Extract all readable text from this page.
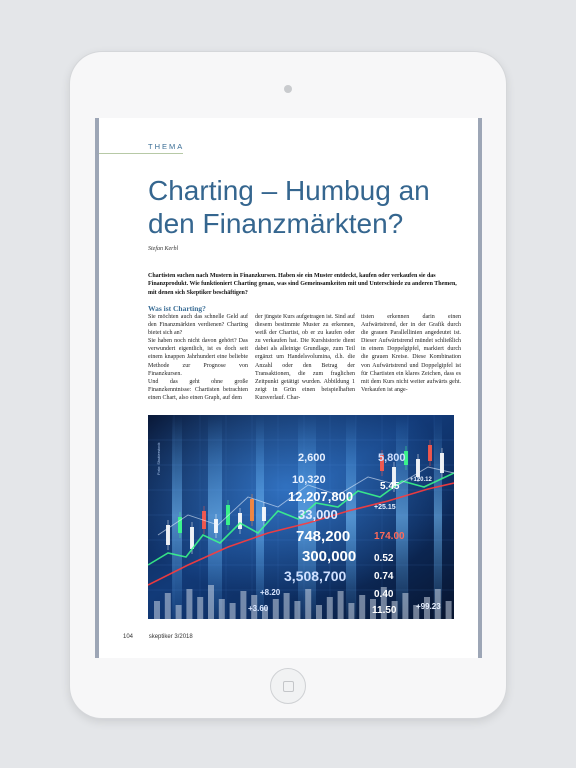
THEMA
Charting – Humbug an
den Finanzmärkten?
Stefan Kerbl
Chartisten suchen nach Mustern in Finanzkursen. Haben sie ein Muster entdeckt, kaufen oder verkaufen sie das Finanzprodukt. Wie funktioniert Charting genau, was sind Gemeinsamkeiten mit und Unterschiede zu anderen Themen, mit denen sich Skeptiker beschäftigen?
Was ist Charting?

Sie möchten auch das schnelle Geld auf den Finanzmärkten verdienen? Charting bietet sich an?

Sie haben noch nicht davon gehört? Das verwundert eigentlich, ist es doch seit einem knappen Jahrhundert eine beliebte Methode zur Prognose von Finanzkursen.

Und das geht ohne große Finanzkenntnisse: Chartisten betrachten einen Chart, also einen Graph, auf dem

der jüngste Kurs aufgetragen ist. Sind auf diesem bestimmte Muster zu erkennen, weiß der Chartist, ob er zu kaufen oder zu verkaufen hat. Die Kurshistorie dient dabei als alleinige Grundlage, zum Teil ergänzt um Handelsvolumina, d.h. die Anzahl oder den Betrag der Transaktionen, die zum fraglichen Zeitpunkt getätigt wurden. Abbildung 1 zeigt in Grün einen beispielhaften Kursverlauf. Char-

tisten erkennen darin einen Aufwärtstrend, der in der Grafik durch die grauen Parallellinien angedeutet ist. Dieser Aufwärtstrend mündet schließlich in einem Doppelgipfel, markiert durch die grauen Kreise. Diese Kombination von Aufwärtstrend und Doppelgipfel ist für Chartisten ein klares Zeichen, dass es mit dem Kurs nicht weiter aufwärts geht. Verkaufen ist ange-

Foto: Shutterstock	2,600
10,320
12,207,800
33,000
748,200
300,000
3,508,700
+8.20
+3.60
5,800
5.45
+120.12
+25.15
174.00
0.52
0.74
0.40
11.50 +99.23
104	skeptiker 3/2018
